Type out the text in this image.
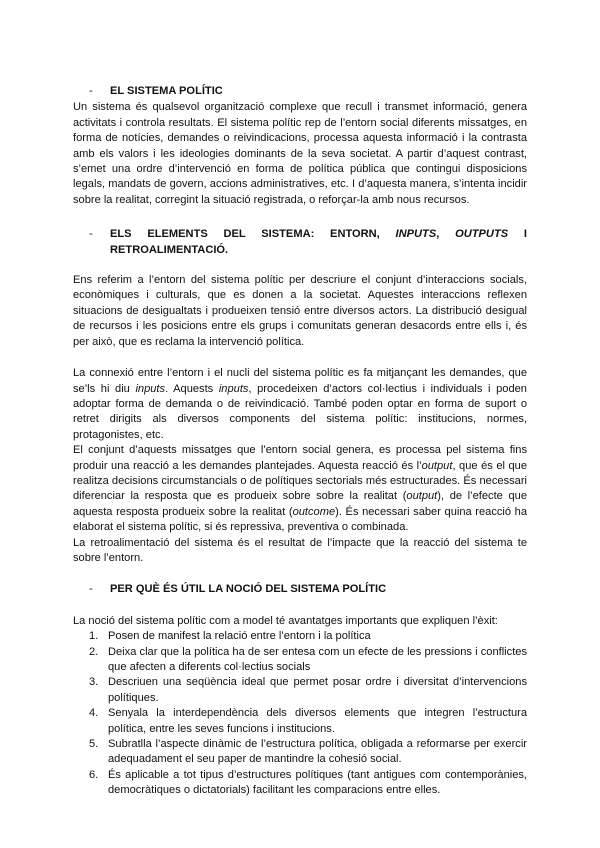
- EL SISTEMA POLÍTIC

Un sistema és qualsevol organització complexe que recull i transmet informació, genera activitats i controla resultats. El sistema polític rep de l’entorn social diferents missatges, en forma de notícies, demandes o reivindicacions, processa aquesta informació i la contrasta amb els valors i les ideologies dominants de la seva societat. A partir d’aquest contrast, s’emet una ordre d’intervenció en forma de política pública que contingui disposicions legals, mandats de govern, accions administratives, etc. I d’aquesta manera, s’intenta incidir sobre la realitat, corregint la situació registrada, o reforçar-la amb nous recursos.

- ELS ELEMENTS DEL SISTEMA: ENTORN, INPUTS, OUTPUTS I
RETROALIMENTACIÓ.

Ens referim a l’entorn del sistema polític per descriure el conjunt d’interaccions socials, econòmiques i culturals, que es donen a la societat. Aquestes interaccions reflexen situacions de desigualtats i produeixen tensió entre diversos actors. La distribució desigual de recursos i les posicions entre els grups i comunitats generan desacords entre ells i, és per això, que es reclama la intervenció política.

La connexió entre l’entorn i el nucli del sistema polític es fa mitjançant les demandes, que se’ls hi diu inputs. Aquests inputs, procedeixen d’actors col·lectius i individuals i poden adoptar forma de demanda o de reivindicació. També poden optar en forma de suport o retret dirigits als diversos components del sistema polític: institucions, normes, protagonistes, etc.

El conjunt d’aquests missatges que l’entorn social genera, es processa pel sistema fins produir una reacció a les demandes plantejades. Aquesta reacció és l’output, que és el que realitza decisions circumstancials o de polítiques sectorials més estructurades. És necessari diferenciar la resposta que es produeix sobre sobre la realitat (output), de l’efecte que aquesta resposta produeix sobre la realitat (outcome). És necessari saber quina reacció ha elaborat el sistema polític, si és repressiva, preventiva o combinada.

La retroalimentació del sistema és el resultat de l’impacte que la reacció del sistema te sobre l’entorn.

- PER QUÈ ÉS ÚTIL LA NOCIÓ DEL SISTEMA POLÍTIC

La noció del sistema polític com a model té avantatges importants que expliquen l’èxit:

1. Posen de manifest la relació entre l’entorn i la política
2. Deixa clar que la política ha de ser entesa com un efecte de les pressions i conflictes que afecten a diferents col·lectius socials
3. Descriuen una seqüència ideal que permet posar ordre i diversitat d’intervencions polítiques.
4. Senyala la interdependència dels diversos elements que integren l’estructura política, entre les seves funcions i institucions.
5. Subratlla l’aspecte dinàmic de l’estructura política, obligada a reformarse per exercir adequadament el seu paper de mantindre la cohesió social.
6. És aplicable a tot tipus d’estructures polítiques (tant antigues com contemporànies, democràtiques o dictatorials) facilitant les comparacions entre elles.
